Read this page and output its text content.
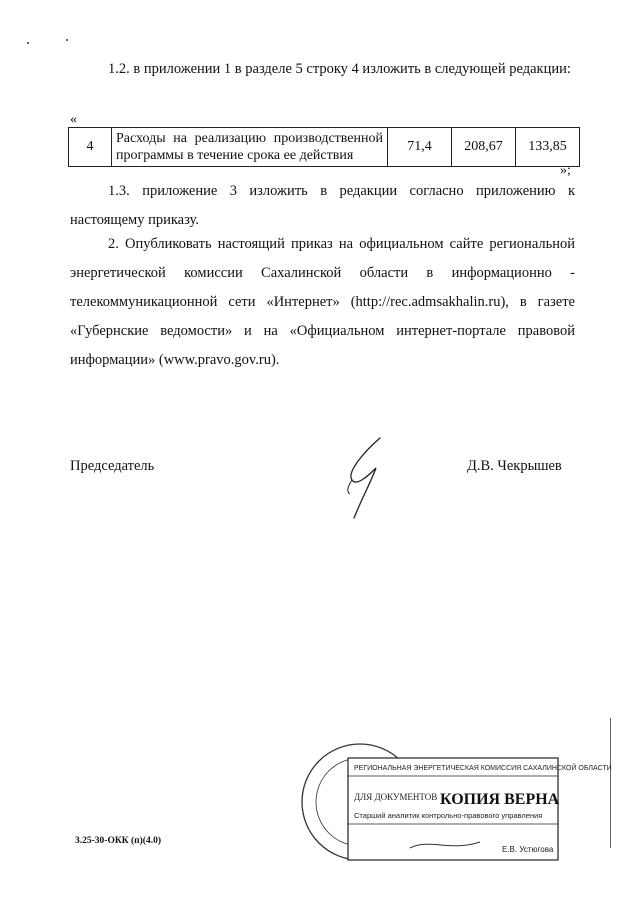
1.2. в приложении 1 в разделе 5 строку 4 изложить в следующей редакции:

«
4	Расходы на реализацию производственной программы в течение срока ее действия	71,4	208,67	133,85
»;

1.3. приложение 3 изложить в редакции согласно приложению к настоящему приказу.

2. Опубликовать настоящий приказ на официальном сайте региональной энергетической комиссии Сахалинской области в информационно - телекоммуникационной сети «Интернет» (http://rec.admsakhalin.ru), в газете «Губернские ведомости» и на «Официальном интернет-портале правовой информации» (www.pravo.gov.ru).

Председатель	Д.В. Чекрышев
РЕГИОНАЛЬНАЯ ЭНЕРГЕТИЧЕСКАЯ КОМИССИЯ САХАЛИНСКОЙ ОБЛАСТИ
ДЛЯ ДОКУМЕНТОВ КОПИЯ ВЕРНА
Старший аналитик контрольно-правового управления
Е.В. Устюгова
3.25-30-ОКК (п)(4.0)
